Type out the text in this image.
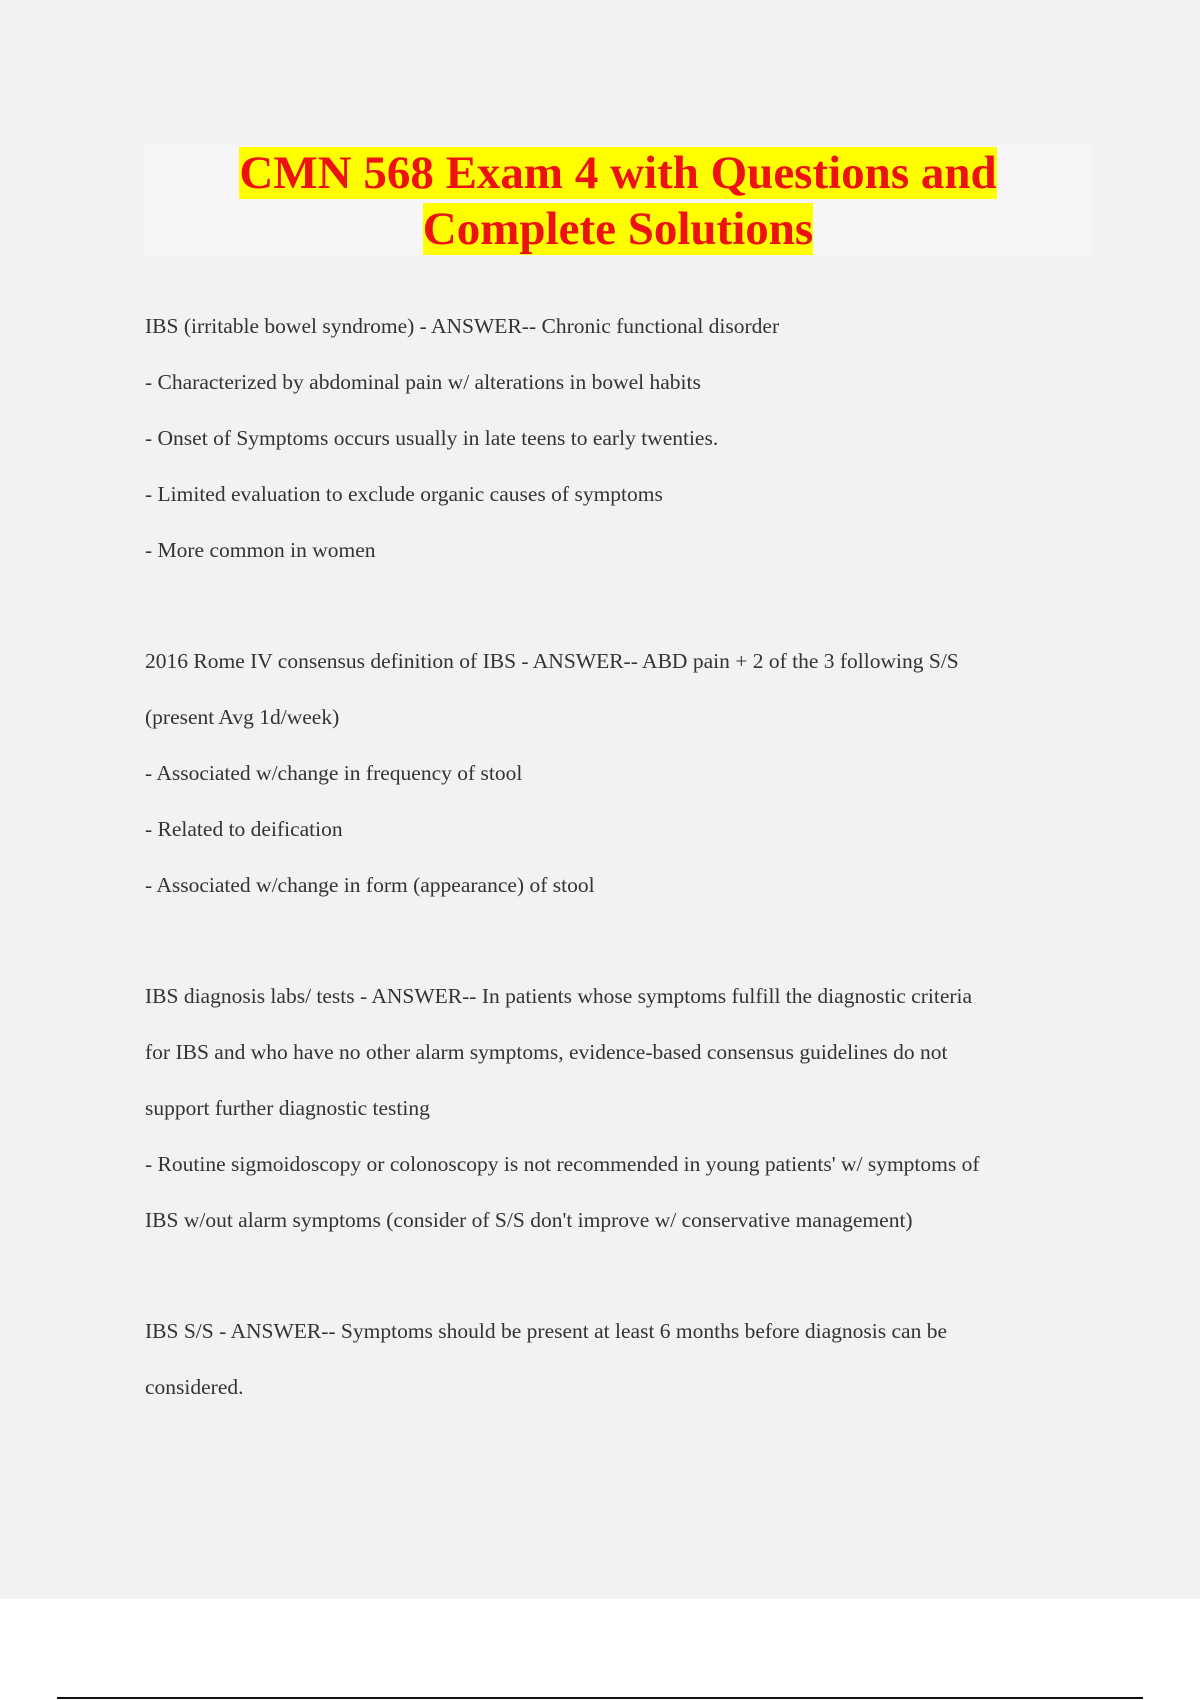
CMN 568 Exam 4 with Questions and Complete Solutions
IBS (irritable bowel syndrome) - ANSWER-- Chronic functional disorder
- Characterized by abdominal pain w/ alterations in bowel habits
- Onset of Symptoms occurs usually in late teens to early twenties.
- Limited evaluation to exclude organic causes of symptoms
- More common in women
2016 Rome IV consensus definition of IBS - ANSWER-- ABD pain + 2 of the 3 following S/S
(present Avg 1d/week)
- Associated w/change in frequency of stool
- Related to deification
- Associated w/change in form (appearance) of stool
IBS diagnosis labs/ tests - ANSWER-- In patients whose symptoms fulfill the diagnostic criteria
for IBS and who have no other alarm symptoms, evidence-based consensus guidelines do not
support further diagnostic testing
- Routine sigmoidoscopy or colonoscopy is not recommended in young patients' w/ symptoms of
IBS w/out alarm symptoms (consider of S/S don't improve w/ conservative management)
IBS S/S - ANSWER-- Symptoms should be present at least 6 months before diagnosis can be
considered.
